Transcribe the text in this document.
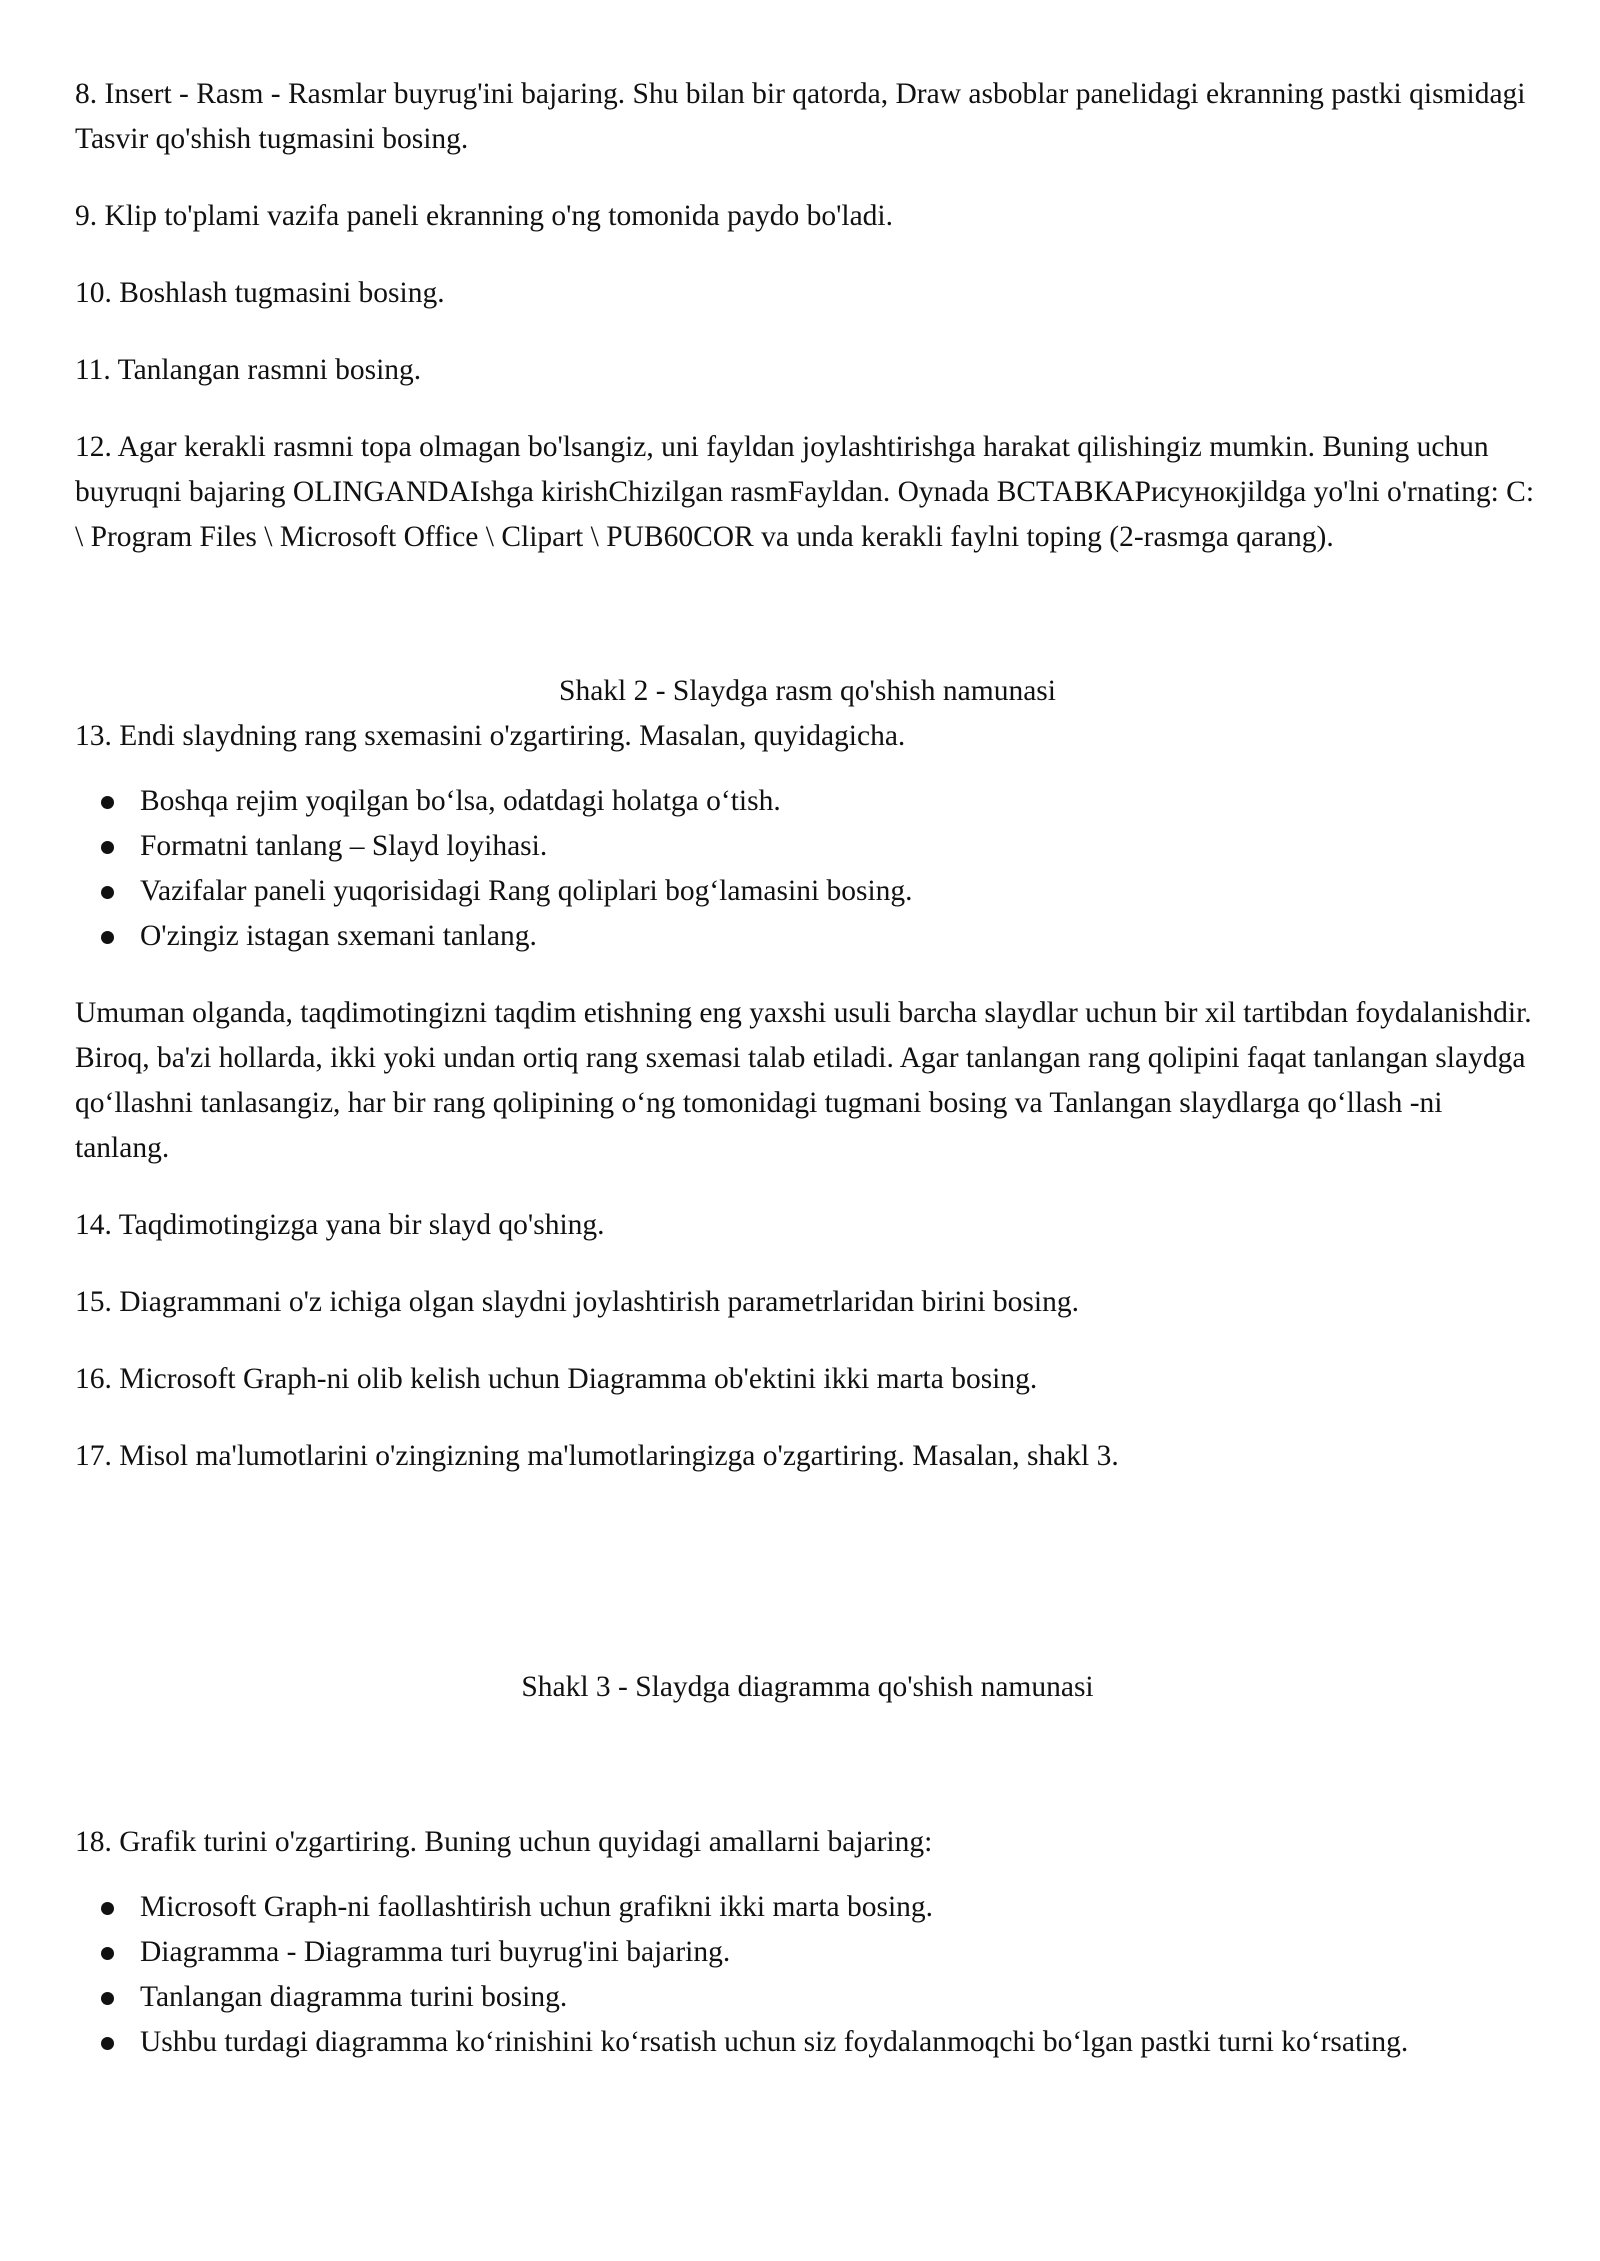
8. Insert - Rasm - Rasmlar buyrug'ini bajaring. Shu bilan bir qatorda, Draw asboblar panelidagi ekranning pastki qismidagi Tasvir qo'shish tugmasini bosing.

9. Klip to'plami vazifa paneli ekranning o'ng tomonida paydo bo'ladi.

10. Boshlash tugmasini bosing.

11. Tanlangan rasmni bosing.

12. Agar kerakli rasmni topa olmagan bo'lsangiz, uni fayldan joylashtirishga harakat qilishingiz mumkin. Buning uchun buyruqni bajaring OLINGANDAIshga kirishChizilgan rasmFayldan. Oynada ВСТАВКАРисунокjildga yo'lni o'rnating: C: \ Program Files \ Microsoft Office \ Clipart \ PUB60COR va unda kerakli faylni toping (2-rasmga qarang).

Shakl 2 - Slaydga rasm qo'shish namunasi

13. Endi slaydning rang sxemasini o'zgartiring. Masalan, quyidagicha.

Boshqa rejim yoqilgan bo‘lsa, odatdagi holatga o‘tish.
Formatni tanlang – Slayd loyihasi.
Vazifalar paneli yuqorisidagi Rang qoliplari bog‘lamasini bosing.
O'zingiz istagan sxemani tanlang.

Umuman olganda, taqdimotingizni taqdim etishning eng yaxshi usuli barcha slaydlar uchun bir xil tartibdan foydalanishdir. Biroq, ba'zi hollarda, ikki yoki undan ortiq rang sxemasi talab etiladi. Agar tanlangan rang qolipini faqat tanlangan slaydga qo‘llashni tanlasangiz, har bir rang qolipining o‘ng tomonidagi tugmani bosing va Tanlangan slaydlarga qo‘llash -ni tanlang.

14. Taqdimotingizga yana bir slayd qo'shing.

15. Diagrammani o'z ichiga olgan slaydni joylashtirish parametrlaridan birini bosing.

16. Microsoft Graph-ni olib kelish uchun Diagramma ob'ektini ikki marta bosing.

17. Misol ma'lumotlarini o'zingizning ma'lumotlaringizga o'zgartiring. Masalan, shakl 3.

Shakl 3 - Slaydga diagramma qo'shish namunasi

18. Grafik turini o'zgartiring. Buning uchun quyidagi amallarni bajaring:

Microsoft Graph-ni faollashtirish uchun grafikni ikki marta bosing.
Diagramma - Diagramma turi buyrug'ini bajaring.
Tanlangan diagramma turini bosing.
Ushbu turdagi diagramma ko‘rinishini ko‘rsatish uchun siz foydalanmoqchi bo‘lgan pastki turni ko‘rsating.
